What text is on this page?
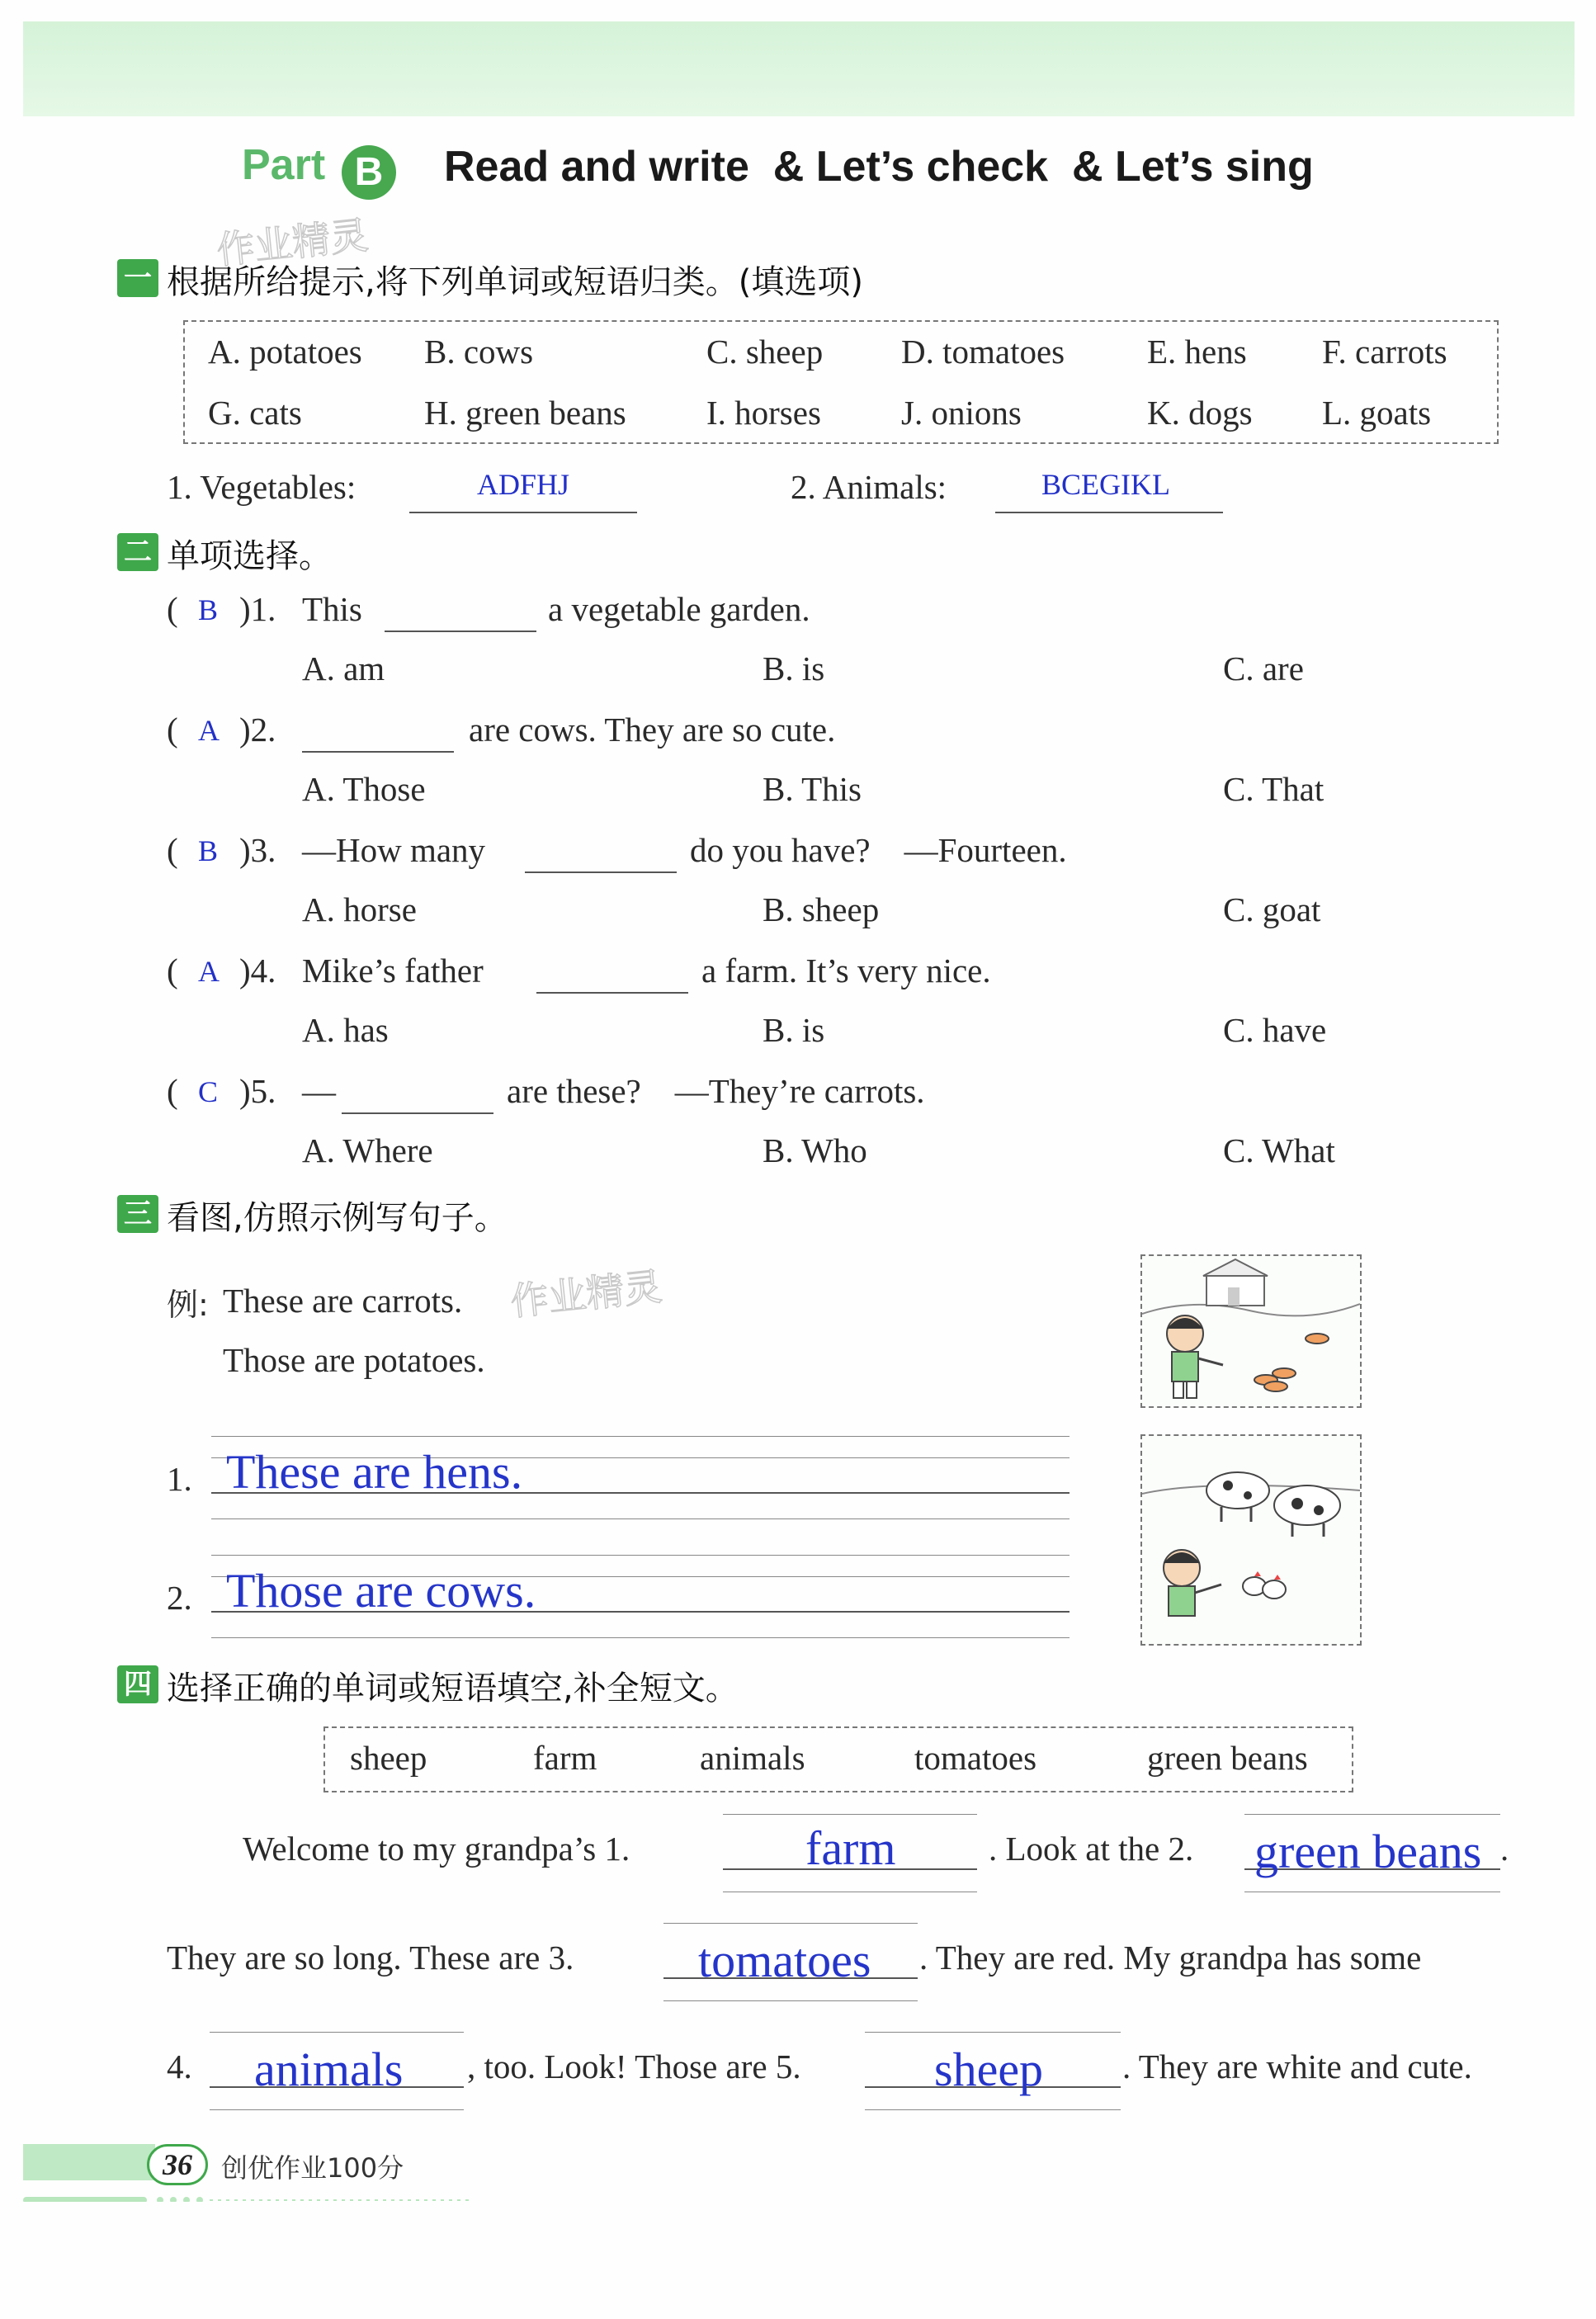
Part B	Read and write  & Let’s check  & Let’s sing
作业精灵
一 根据所给提示,将下列单词或短语归类。(填选项)
A. potatoes B. cows	C. sheep D. tomatoes E. hens F. carrots
G. cats	H. green beans I. horses J. onions	K. dogs L. goats
1. Vegetables:	ADFHJ	2. Animals:	BCEGIKL
二 单项选择。
( B )1. This	a vegetable garden.
A. am	B. is	C. are
( A )2.	are cows. They are so cute.
A. Those	B. This	C. That
( B )3. —How many	do you have?    —Fourteen.
A. horse	B. sheep	C. goat
( A )4. Mike’s father	a farm. It’s very nice.
A. has	B. is	C. have
( C )5. —	are these?    —They’re carrots.
A. Where	B. Who	C. What
三 看图,仿照示例写句子。
例: These are carrots. 作业精灵
Those are potatoes.
1. These are hens.
2. Those are cows.
四 选择正确的单词或短语填空,补全短文。
sheep	farm	animals	tomatoes	green beans
Welcome to my grandpa’s 1.	farm	. Look at the 2. green beans .
They are so long. These are 3.	tomatoes . They are red. My grandpa has some
4. animals , too. Look! Those are 5.	sheep . They are white and cute.
36	创优作业100分
